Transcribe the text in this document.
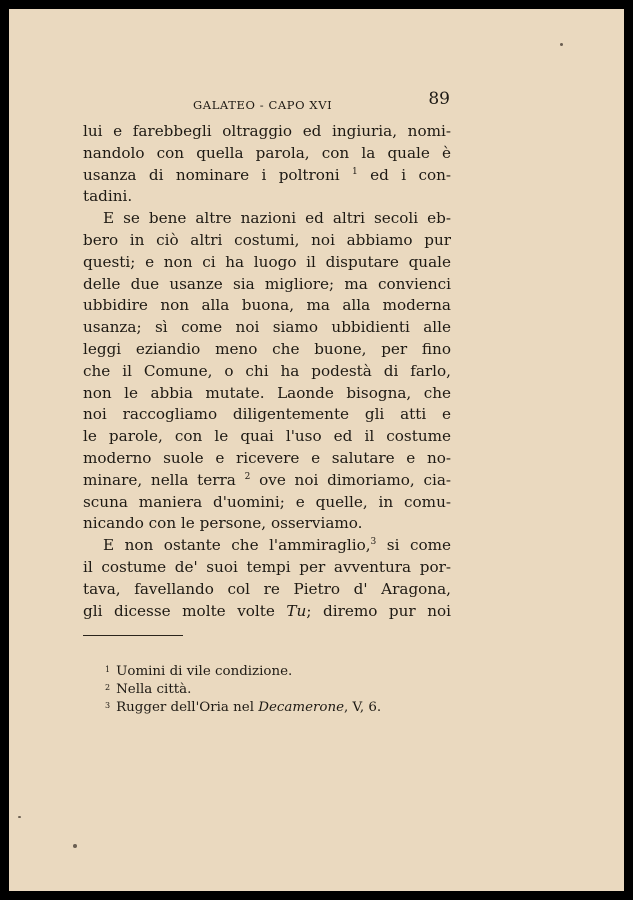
GALATEO - CAPO XVI	89
lui e farebbegli oltraggio ed ingiuria, nomi-
nandolo con quella parola, con la quale è
usanza di nominare i poltroni $^1$ ed i con-
tadini.
E se bene altre nazioni ed altri secoli eb-
bero in ciò altri costumi, noi abbiamo pur
questi; e non ci ha luogo il disputare quale
delle due usanze sia migliore; ma convienci
ubbidire non alla buona, ma alla moderna
usanza; sì come noi siamo ubbidienti alle
leggi eziandio meno che buone, per fino
che il Comune, o chi ha podestà di farlo,
non le abbia mutate. Laonde bisogna, che
noi raccogliamo diligentemente gli atti e
le parole, con le quai l'uso ed il costume
moderno suole e ricevere e salutare e no-
minare, nella terra $^2$ ove noi dimoriamo, cia-
scuna maniera d'uomini; e quelle, in comu-
nicando con le persone, osserviamo.
E non ostante che l'ammiraglio,$^3$ si come
il costume de' suoi tempi per avventura por-
tava, favellando col re Pietro d' Aragona,
gli dicesse molte volte Tu; diremo pur noi
$^1$ Uomini di vile condizione.
$^2$ Nella città.
$^3$ Rugger dell'Oria nel Decamerone, V, 6.
